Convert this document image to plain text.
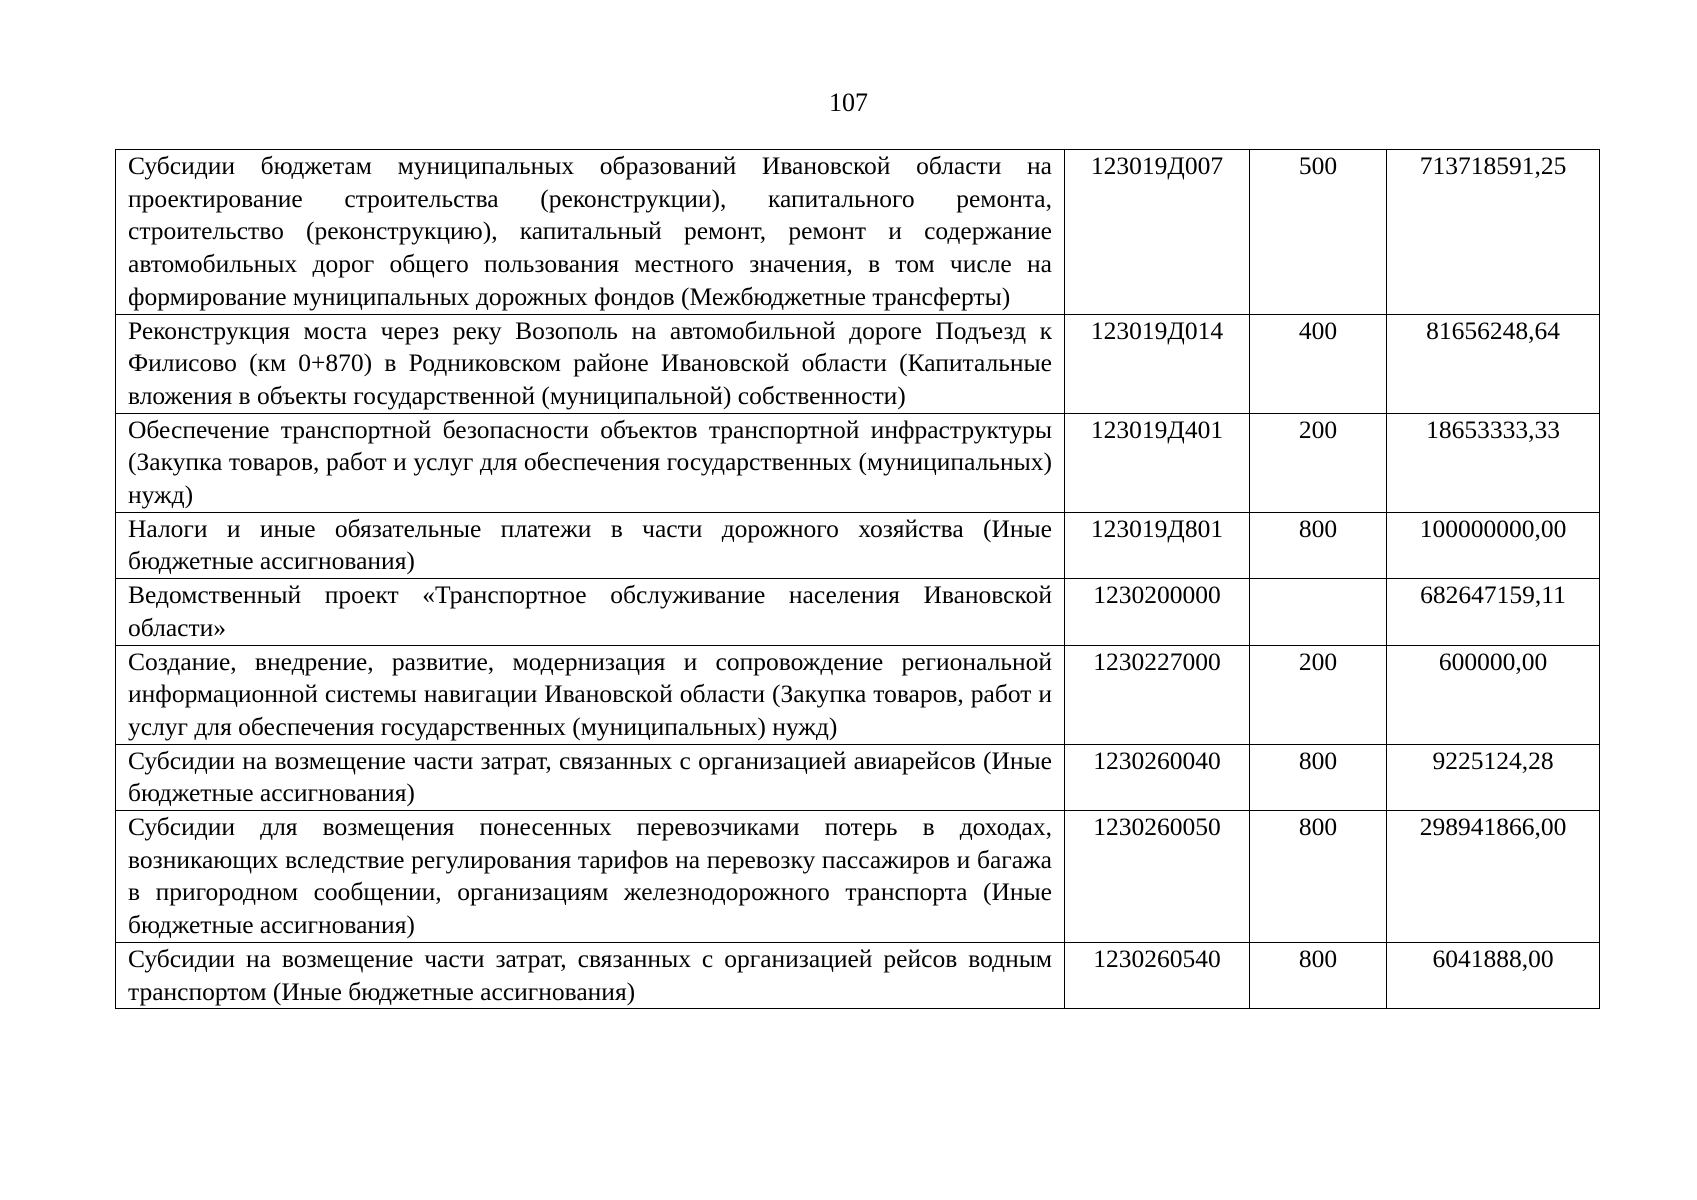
107
Субсидии бюджетам муниципальных образований Ивановской области на проектирование строительства (реконструкции), капитального ремонта, строительство (реконструкцию), капитальный ремонт, ремонт и содержание автомобильных дорог общего пользования местного значения, в том числе на формирование муниципальных дорожных фондов (Межбюджетные трансферты)	123019Д007	500	713718591,25
Реконструкция моста через реку Возополь на автомобильной дороге Подъезд к Филисово (км 0+870) в Родниковском районе Ивановской области (Капитальные вложения в объекты государственной (муниципальной) собственности)	123019Д014	400	81656248,64
Обеспечение транспортной безопасности объектов транспортной инфраструктуры (Закупка товаров, работ и услуг для обеспечения государственных (муниципальных) нужд)	123019Д401	200	18653333,33
Налоги и иные обязательные платежи в части дорожного хозяйства (Иные бюджетные ассигнования)	123019Д801	800	100000000,00
Ведомственный проект «Транспортное обслуживание населения Ивановской области»	1230200000		682647159,11
Создание, внедрение, развитие, модернизация и сопровождение региональной информационной системы навигации Ивановской области (Закупка товаров, работ и услуг для обеспечения государственных (муниципальных) нужд)	1230227000	200	600000,00
Субсидии на возмещение части затрат, связанных с организацией авиарейсов (Иные бюджетные ассигнования)	1230260040	800	9225124,28
Субсидии для возмещения понесенных перевозчиками потерь в доходах, возникающих вследствие регулирования тарифов на перевозку пассажиров и багажа в пригородном сообщении, организациям железнодорожного транспорта (Иные бюджетные ассигнования)	1230260050	800	298941866,00
Субсидии на возмещение части затрат, связанных с организацией рейсов водным транспортом (Иные бюджетные ассигнования)	1230260540	800	6041888,00
